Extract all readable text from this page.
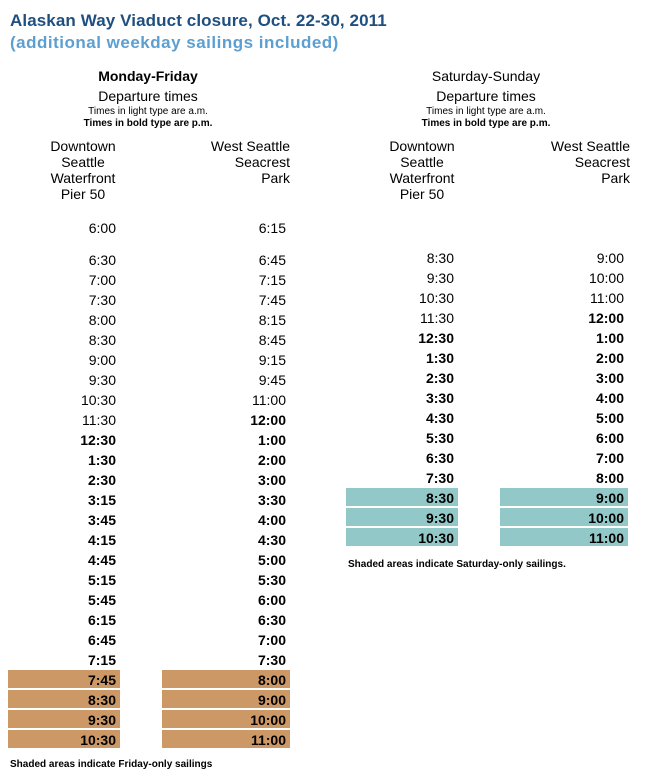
Alaskan Way Viaduct closure, Oct. 22-30, 2011
(additional weekday sailings included)
Monday-Friday
Departure times
Times in light type are a.m.
Times in bold type are p.m.
Saturday-Sunday
Departure times
Times in light type are a.m.
Times in bold type are p.m.
Downtown
Seattle
Waterfront
Pier 50
West Seattle
Seacrest
Park
Downtown
Seattle
Waterfront
Pier 50
West Seattle
Seacrest
Park
6:00
6:30
7:00
7:30
8:00
8:30
9:00
9:30
10:30
11:30
12:30
1:30
2:30
3:15
3:45
4:15
4:45
5:15
5:45
6:15
6:45
7:15
7:45
8:30
9:30
10:30
6:15
6:45
7:15
7:45
8:15
8:45
9:15
9:45
11:00
12:00
1:00
2:00
3:00
3:30
4:00
4:30
5:00
5:30
6:00
6:30
7:00
7:30
8:00
9:00
10:00
11:00
8:30
9:30
10:30
11:30
12:30
1:30
2:30
3:30
4:30
5:30
6:30
7:30
8:30
9:30
10:30
9:00
10:00
11:00
12:00
1:00
2:00
3:00
4:00
5:00
6:00
7:00
8:00
9:00
10:00
11:00
Shaded areas indicate Friday-only sailings
Shaded areas indicate Saturday-only sailings.
